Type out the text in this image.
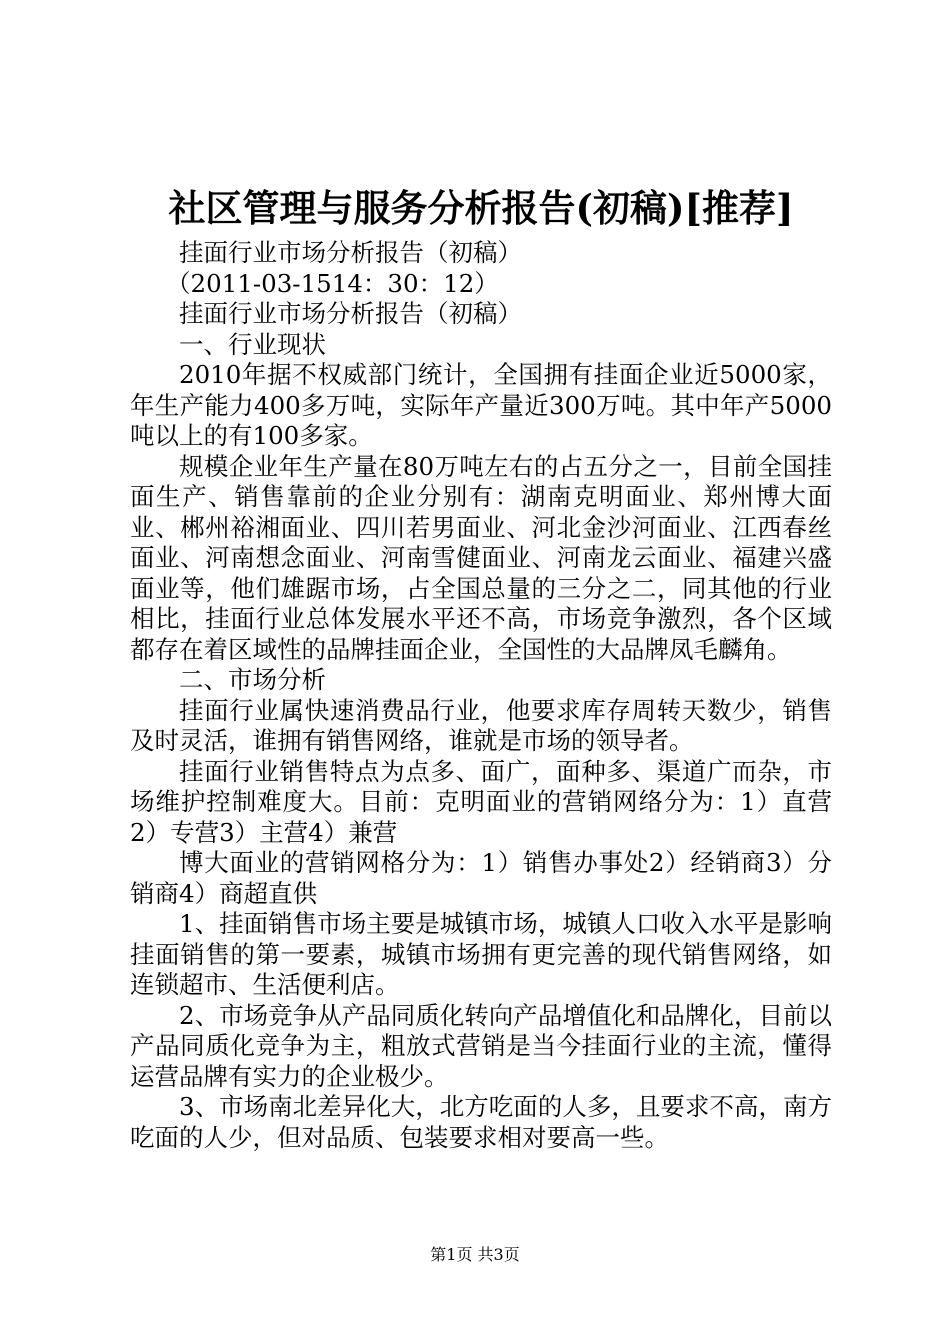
社区管理与服务分析报告(初稿)[推荐]

挂面行业市场分析报告（初稿）

（2011-03-1514：30：12）

挂面行业市场分析报告（初稿）

一、行业现状

2010年据不权威部门统计，全国拥有挂面企业近5000家，年生产能力400多万吨，实际年产量近300万吨。其中年产5000吨以上的有100多家。

规模企业年生产量在80万吨左右的占五分之一，目前全国挂面生产、销售靠前的企业分别有：湖南克明面业、郑州博大面业、郴州裕湘面业、四川若男面业、河北金沙河面业、江西春丝面业、河南想念面业、河南雪健面业、河南龙云面业、福建兴盛面业等，他们雄踞市场，占全国总量的三分之二，同其他的行业相比，挂面行业总体发展水平还不高，市场竞争激烈，各个区域都存在着区域性的品牌挂面企业，全国性的大品牌凤毛麟角。

二、市场分析

挂面行业属快速消费品行业，他要求库存周转天数少，销售及时灵活，谁拥有销售网络，谁就是市场的领导者。

挂面行业销售特点为点多、面广，面种多、渠道广而杂，市场维护控制难度大。目前：克明面业的营销网络分为：1）直营2）专营3）主营4）兼营

博大面业的营销网格分为：1）销售办事处2）经销商3）分销商4）商超直供

1、挂面销售市场主要是城镇市场，城镇人口收入水平是影响挂面销售的第一要素，城镇市场拥有更完善的现代销售网络，如连锁超市、生活便利店。

2、市场竞争从产品同质化转向产品增值化和品牌化，目前以产品同质化竞争为主，粗放式营销是当今挂面行业的主流，懂得运营品牌有实力的企业极少。

3、市场南北差异化大，北方吃面的人多，且要求不高，南方吃面的人少，但对品质、包装要求相对要高一些。

第1页 共3页
